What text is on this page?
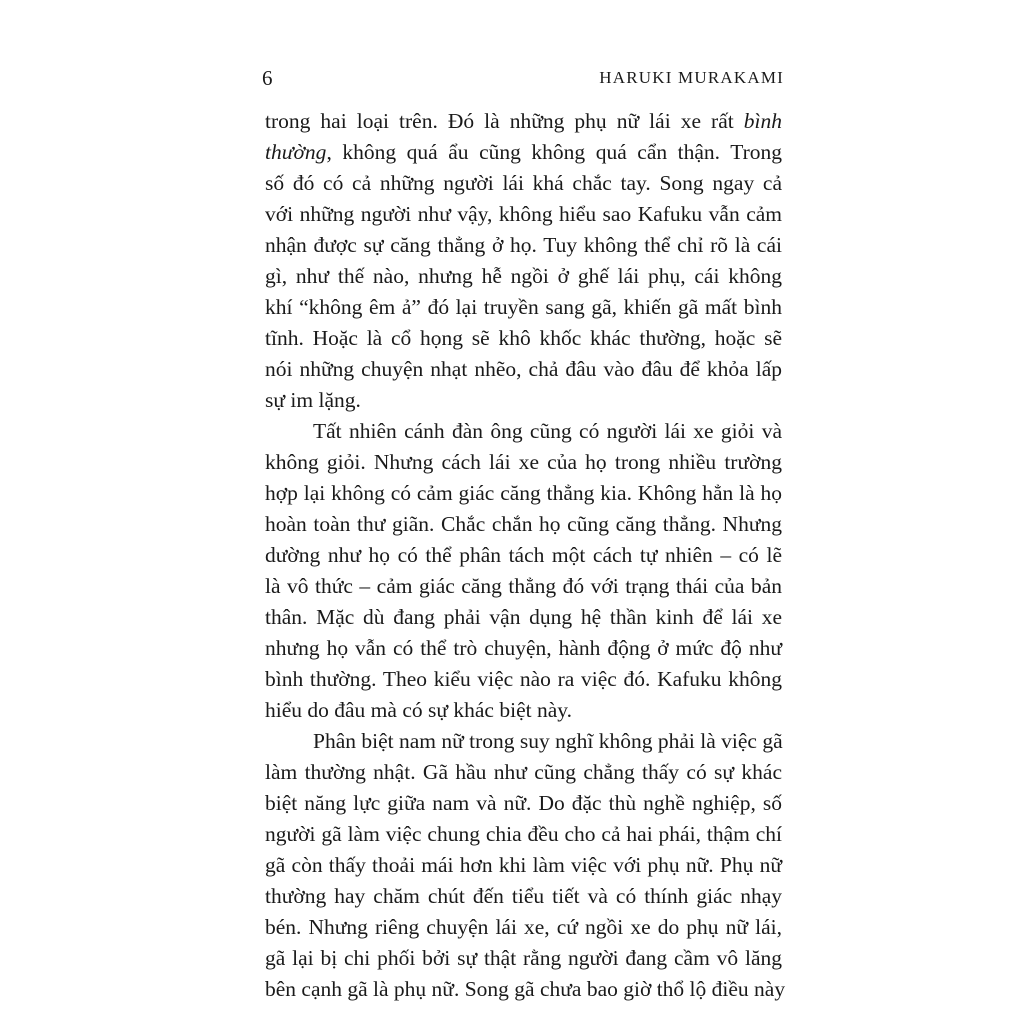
6	HARUKI MURAKAMI
trong hai loại trên. Đó là những phụ nữ lái xe rất bình
thường, không quá ẩu cũng không quá cẩn thận. Trong
số đó có cả những người lái khá chắc tay. Song ngay cả
với những người như vậy, không hiểu sao Kafuku vẫn cảm
nhận được sự căng thẳng ở họ. Tuy không thể chỉ rõ là cái
gì, như thế nào, nhưng hễ ngồi ở ghế lái phụ, cái không
khí “không êm ả” đó lại truyền sang gã, khiến gã mất bình
tĩnh. Hoặc là cổ họng sẽ khô khốc khác thường, hoặc sẽ
nói những chuyện nhạt nhẽo, chả đâu vào đâu để khỏa lấp
sự im lặng.
Tất nhiên cánh đàn ông cũng có người lái xe giỏi và
không giỏi. Nhưng cách lái xe của họ trong nhiều trường
hợp lại không có cảm giác căng thẳng kia. Không hẳn là họ
hoàn toàn thư giãn. Chắc chắn họ cũng căng thẳng. Nhưng
dường như họ có thể phân tách một cách tự nhiên – có lẽ
là vô thức – cảm giác căng thẳng đó với trạng thái của bản
thân. Mặc dù đang phải vận dụng hệ thần kinh để lái xe
nhưng họ vẫn có thể trò chuyện, hành động ở mức độ như
bình thường. Theo kiểu việc nào ra việc đó. Kafuku không
hiểu do đâu mà có sự khác biệt này.
Phân biệt nam nữ trong suy nghĩ không phải là việc gã
làm thường nhật. Gã hầu như cũng chẳng thấy có sự khác
biệt năng lực giữa nam và nữ. Do đặc thù nghề nghiệp, số
người gã làm việc chung chia đều cho cả hai phái, thậm chí
gã còn thấy thoải mái hơn khi làm việc với phụ nữ. Phụ nữ
thường hay chăm chút đến tiểu tiết và có thính giác nhạy
bén. Nhưng riêng chuyện lái xe, cứ ngồi xe do phụ nữ lái,
gã lại bị chi phối bởi sự thật rằng người đang cầm vô lăng
bên cạnh gã là phụ nữ. Song gã chưa bao giờ thổ lộ điều này
